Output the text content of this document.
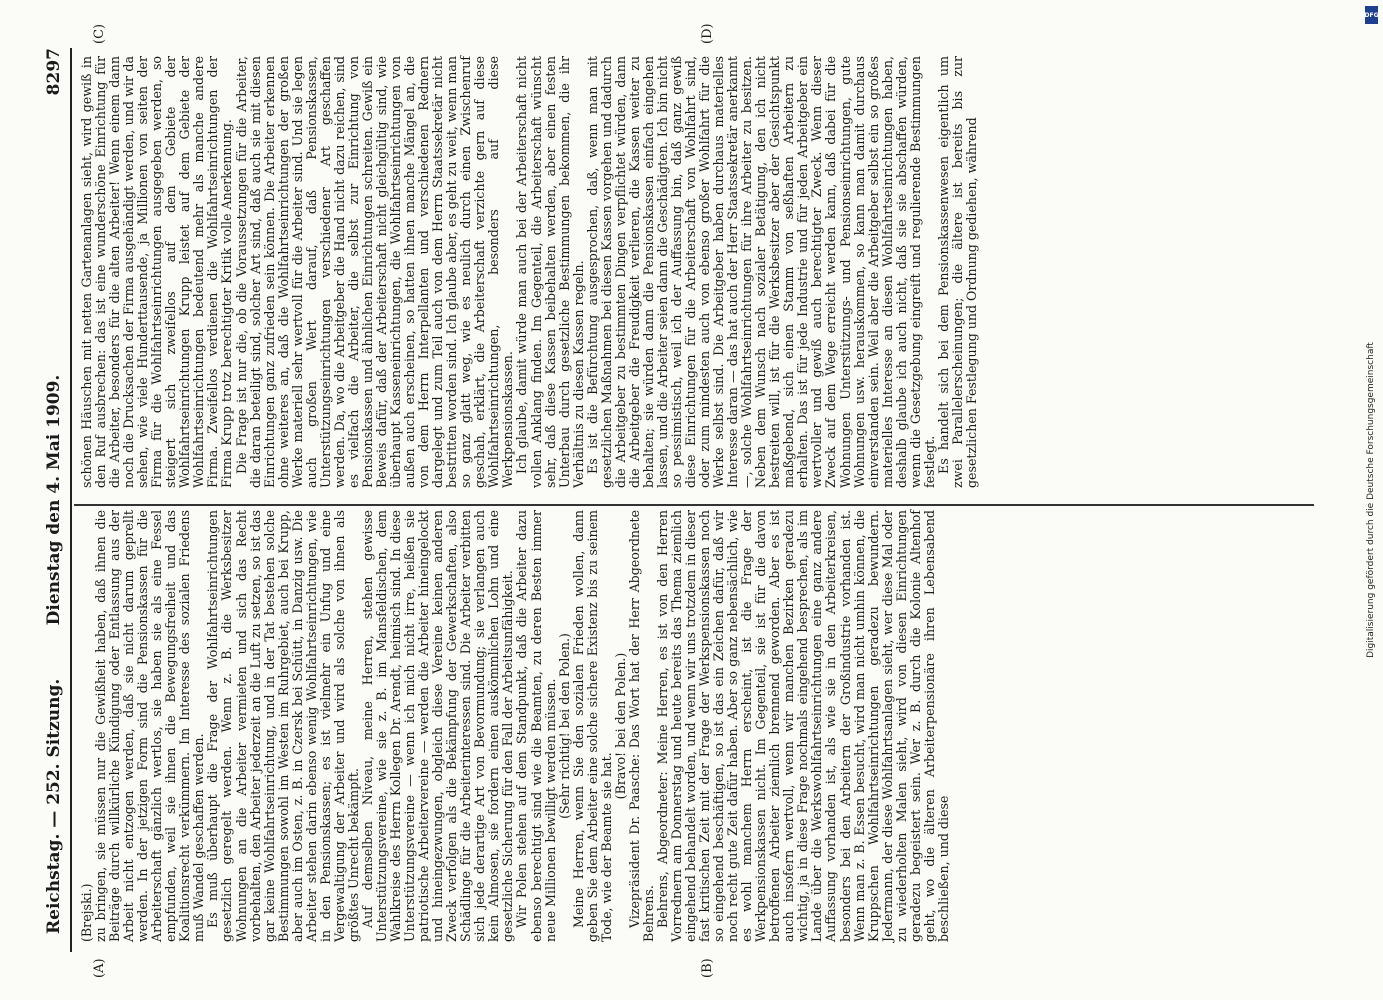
Reichstag. — 252. Sitzung.
Dienstag den 4. Mai 1909.
8297
(A)	(B)
(C)	(D)

(Brejski.) zu bringen, sie müssen nur die Gewißheit haben, daß ihnen die Beiträge durch willkürliche Kündigung oder Entlassung aus der Arbeit nicht entzogen werden, daß sie nicht darum geprellt werden. In der jetzigen Form sind die Pensionskassen für die Arbeiterschaft gänzlich wertlos, sie haben sie als eine Fessel empfunden, weil sie ihnen die Bewegungsfreiheit und das Koalitionsrecht verkümmern. Im Interesse des sozialen Friedens muß Wandel geschaffen werden. Es muß überhaupt die Frage der Wohlfahrtseinrichtungen gesetzlich geregelt werden. Wenn z. B. die Werksbesitzer Wohnungen an die Arbeiter vermieten und sich das Recht vorbehalten, den Arbeiter jederzeit an die Luft zu setzen, so ist das gar keine Wohlfahrtseinrichtung, und in der Tat bestehen solche Bestimmungen sowohl im Westen im Ruhrgebiet, auch bei Krupp, aber auch im Osten, z. B. in Czersk bei Schütt, in Danzig usw. Die Arbeiter stehen darin ebenso wenig Wohlfahrtseinrichtungen, wie in den Pensionskassen; es ist vielmehr ein Unfug und eine Vergewaltigung der Arbeiter und wird als solche von ihnen als größtes Unrecht bekämpft. Auf demselben Niveau, meine Herren, stehen gewisse Unterstützungsvereine, wie sie z. B. im Mansfeldischen, dem Wahlkreise des Herrn Kollegen Dr. Arendt, heimisch sind. In diese Unterstützungsvereine — wenn ich mich nicht irre, heißen sie patriotische Arbeitervereine — werden die Arbeiter hineingelockt und hineingezwungen, obgleich diese Vereine keinen anderen Zweck verfolgen als die Bekämpfung der Gewerkschaften, also Schädlinge für die Arbeiterinteressen sind. Die Arbeiter verbitten sich jede derartige Art von Bevormundung; sie verlangen auch kein Almosen, sie fordern einen auskömmlichen Lohn und eine gesetzliche Sicherung für den Fall der Arbeitsunfähigkeit. Wir Polen stehen auf dem Standpunkt, daß die Arbeiter dazu ebenso berechtigt sind wie die Beamten, zu deren Besten immer neue Millionen bewilligt werden müssen. (Sehr richtig! bei den Polen.) Meine Herren, wenn Sie den sozialen Frieden wollen, dann geben Sie dem Arbeiter eine solche sichere Existenz bis zu seinem Tode, wie der Beamte sie hat.

(Bravo! bei den Polen.) Vizepräsident Dr. Paasche: Das Wort hat der Herr Abgeordnete Behrens. Behrens, Abgeordneter: Meine Herren, es ist von den Herren Vorrednern am Donnerstag und heute bereits das Thema ziemlich eingehend behandelt worden, und wenn wir uns trotzdem in dieser fast kritischen Zeit mit der Frage der Werkspensionskassen noch so eingehend beschäftigen, so ist das ein Zeichen dafür, daß wir noch recht gute Zeit dafür haben. Aber so ganz nebensächlich, wie es wohl manchem Herrn erscheint, ist die Frage der Werkpensionskassen nicht. Im Gegenteil, sie ist für die davon betroffenen Arbeiter ziemlich brennend geworden. Aber es ist auch insofern wertvoll, wenn wir manchen Bezirken geradezu wichtig, ja in diese Frage nochmals eingehend besprechen, als im Lande über die Werkswohlfahrtseinrichtungen eine ganz andere Auffassung vorhanden ist, als wie sie in den Arbeiterkreisen, besonders bei den Arbeitern der Großindustrie vorhanden ist. Wenn man z. B. Essen besucht, wird man nicht umhin können, die Kruppschen Wohlfahrtseinrichtungen geradezu bewundern. Jedermann, der diese Wohlfahrtsanlagen sieht, wer diese Mal oder zu wiederholten Malen sieht, wird von diesen Einrichtungen geradezu begeistert sein. Wer z. B. durch die Kolonie Altenhof geht, wo die älteren Arbeiterpensionäre ihren Lebensabend beschließen, und diese

schönen Häuschen mit netten Gartenanlagen sieht, wird gewiß in den Ruf ausbrechen: das ist eine wunderschöne Einrichtung für die Arbeiter, besonders für die alten Arbeiter! Wenn einem dann noch die Drucksachen der Firma ausgehändigt werden, und wir da sehen, wie viele Hunderttausende, ja Millionen von seiten der Firma für die Wohlfahrtseinrichtungen ausgegeben werden, so steigert sich zweifellos auf dem Gebiete der Wohlfahrtseinrichtungen Krupp leistet auf dem Gebiete der Wohlfahrtseinrichtungen bedeutend mehr als manche andere Firma. Zweifellos verdienen die Wohlfahrtseinrichtungen der Firma Krupp trotz berechtigter Kritik volle Anerkennung. Die Frage ist nur die, ob die Voraussetzungen für die Arbeiter, die daran beteiligt sind, solcher Art sind, daß auch sie mit diesen Einrichtungen ganz zufrieden sein können. Die Arbeiter erkennen ohne weiteres an, daß die Wohlfahrtseinrichtungen der großen Werke materiell sehr wertvoll für die Arbeiter sind. Und sie legen auch großen Wert darauf, daß Pensionskassen, Unterstützungseinrichtungen verschiedener Art geschaffen werden. Da, wo die Arbeitgeber die Hand nicht dazu reichen, sind es vielfach die Arbeiter, die selbst zur Einrichtung von Pensionskassen und ähnlichen Einrichtungen schreiten. Gewiß ein Beweis dafür, daß der Arbeiterschaft nicht gleichgültig sind, wie überhaupt Kasseneinrichtungen, die Wohlfahrtseinrichtungen von außen auch erscheinen, so hatten ihnen manche Mängel an, die von dem Herrn Interpellanten und verschiedenen Rednern dargelegt und zum Teil auch von dem Herrn Staatssekretär nicht bestritten worden sind. Ich glaube aber, es geht zu weit, wenn man so ganz glatt weg, wie es neulich durch einen Zwischenruf geschah, erklärt, die Arbeiterschaft verzichte gern auf diese Wohlfahrtseinrichtungen, besonders auf diese Werkpensionskassen. Ich glaube, damit würde man auch bei der Arbeiterschaft nicht vollen Anklang finden. Im Gegenteil, die Arbeiterschaft wünscht sehr, daß diese Kassen beibehalten werden, aber einen festen Unterbau durch gesetzliche Bestimmungen bekommen, die ihr Verhältnis zu diesen Kassen regeln. Es ist die Befürchtung ausgesprochen, daß, wenn man mit gesetzlichen Maßnahmen bei diesen Kassen vorgehen und dadurch die Arbeitgeber zu bestimmten Dingen verpflichtet würden, dann die Arbeitgeber die Freudigkeit verlieren, die Kassen weiter zu behalten; sie würden dann die Pensionskassen einfach eingehen lassen, und die Arbeiter seien dann die Geschädigten. Ich bin nicht so pessimistisch, weil ich der Auffassung bin, daß ganz gewiß diese Einrichtungen für die Arbeiterschaft von Wohlfahrt sind, oder zum mindesten auch von ebenso großer Wohlfahrt für die Werke selbst sind. Die Arbeitgeber haben durchaus materielles Interesse daran — das hat auch der Herr Staatssekretär anerkannt —, solche Wohlfahrtseinrichtungen für ihre Arbeiter zu besitzen. Neben dem Wunsch nach sozialer Betätigung, den ich nicht bestreiten will, ist für die Werksbesitzer aber der Gesichtspunkt maßgebend, sich einen Stamm von seßhaften Arbeitern zu erhalten. Das ist für jede Industrie und für jeden Arbeitgeber ein wertvoller und gewiß auch berechtigter Zweck. Wenn dieser Zweck auf dem Wege erreicht werden kann, daß dabei für die Wohnungen Unterstützungs- und Pensionseinrichtungen, gute Wohnungen usw. herauskommen, so kann man damit durchaus einverstanden sein. Weil aber die Arbeitgeber selbst ein so großes materielles Interesse an diesen Wohlfahrtseinrichtungen haben, deshalb glaube ich auch nicht, daß sie sie abschaffen würden, wenn die Gesetzgebung eingreift und regulierende Bestimmungen festlegt. Es handelt sich bei dem Pensionskassenwesen eigentlich um zwei Parallelerscheinungen; die ältere ist bereits bis zur gesetzlichen Festlegung und Ordnung gediehen, während

DFG
Digitalisierung gefördert durch die Deutsche Forschungsgemeinschaft
